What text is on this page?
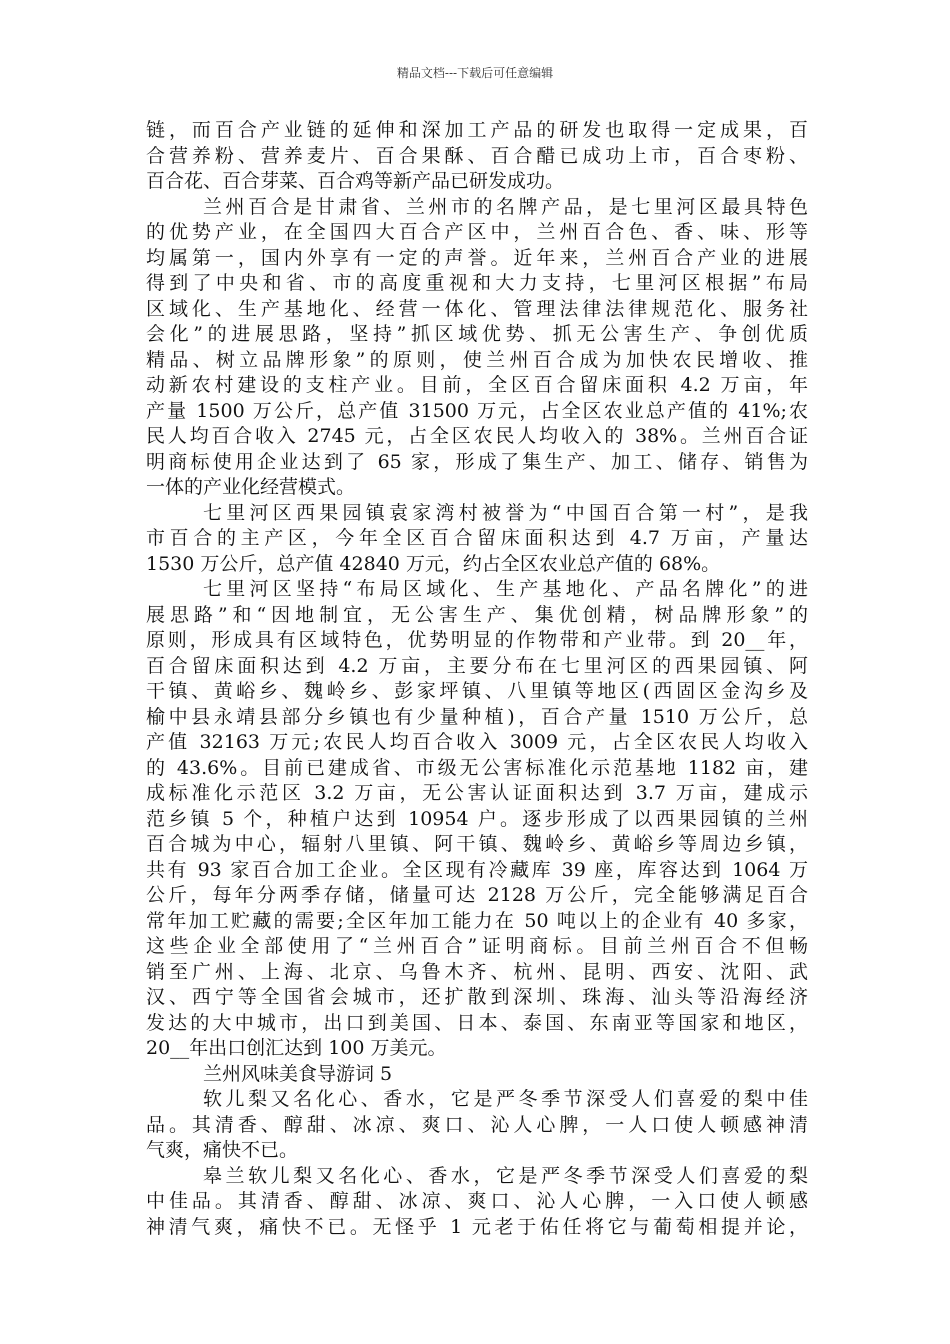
精品文档---下载后可任意编辑
链，而百合产业链的延伸和深加工产品的研发也取得一定成果，百
合营养粉、营养麦片、百合果酥、百合醋已成功上市，百合枣粉、
百合花、百合芽菜、百合鸡等新产品已研发成功。
兰州百合是甘肃省、兰州市的名牌产品，是七里河区最具特色
的优势产业，在全国四大百合产区中，兰州百合色、香、味、形等
均属第一，国内外享有一定的声誉。近年来，兰州百合产业的进展
得到了中央和省、市的高度重视和大力支持，七里河区根据”布局
区域化、生产基地化、经营一体化、管理法律法律规范化、服务社
会化”的进展思路，坚持”抓区域优势、抓无公害生产、争创优质
精品、树立品牌形象”的原则，使兰州百合成为加快农民增收、推
动新农村建设的支柱产业。目前，全区百合留床面积 4.2 万亩，年
产量 1500 万公斤，总产值 31500 万元，占全区农业总产值的 41%;农
民人均百合收入 2745 元，占全区农民人均收入的 38%。兰州百合证
明商标使用企业达到了 65 家，形成了集生产、加工、储存、销售为
一体的产业化经营模式。
七里河区西果园镇袁家湾村被誉为“中国百合第一村”，是我
市百合的主产区，今年全区百合留床面积达到 4.7 万亩，产量达
1530 万公斤，总产值 42840 万元，约占全区农业总产值的 68%。
七里河区坚持“布局区域化、生产基地化、产品名牌化”的进
展思路”和“因地制宜，无公害生产、集优创精，树品牌形象”的
原则，形成具有区域特色，优势明显的作物带和产业带。到 20__年，
百合留床面积达到 4.2 万亩，主要分布在七里河区的西果园镇、阿
干镇、黄峪乡、魏岭乡、彭家坪镇、八里镇等地区(西固区金沟乡及
榆中县永靖县部分乡镇也有少量种植)，百合产量 1510 万公斤，总
产值 32163 万元;农民人均百合收入 3009 元，占全区农民人均收入
的 43.6%。目前已建成省、市级无公害标准化示范基地 1182 亩，建
成标准化示范区 3.2 万亩，无公害认证面积达到 3.7 万亩，建成示
范乡镇 5 个，种植户达到 10954 户。逐步形成了以西果园镇的兰州
百合城为中心，辐射八里镇、阿干镇、魏岭乡、黄峪乡等周边乡镇，
共有 93 家百合加工企业。全区现有冷藏库 39 座，库容达到 1064 万
公斤，每年分两季存储，储量可达 2128 万公斤，完全能够满足百合
常年加工贮藏的需要;全区年加工能力在 50 吨以上的企业有 40 多家，
这些企业全部使用了“兰州百合”证明商标。目前兰州百合不但畅
销至广州、上海、北京、乌鲁木齐、杭州、昆明、西安、沈阳、武
汉、西宁等全国省会城市，还扩散到深圳、珠海、汕头等沿海经济
发达的大中城市，出口到美国、日本、泰国、东南亚等国家和地区，
20__年出口创汇达到 100 万美元。
兰州风味美食导游词 5
软儿梨又名化心、香水，它是严冬季节深受人们喜爱的梨中佳
品。其清香、醇甜、冰凉、爽口、沁人心脾，一人口使人顿感神清
气爽，痛快不已。
皋兰软儿梨又名化心、香水，它是严冬季节深受人们喜爱的梨
中佳品。其清香、醇甜、冰凉、爽口、沁人心脾，一入口使人顿感
神清气爽，痛快不已。无怪乎 1 元老于佑任将它与葡萄相提并论，
